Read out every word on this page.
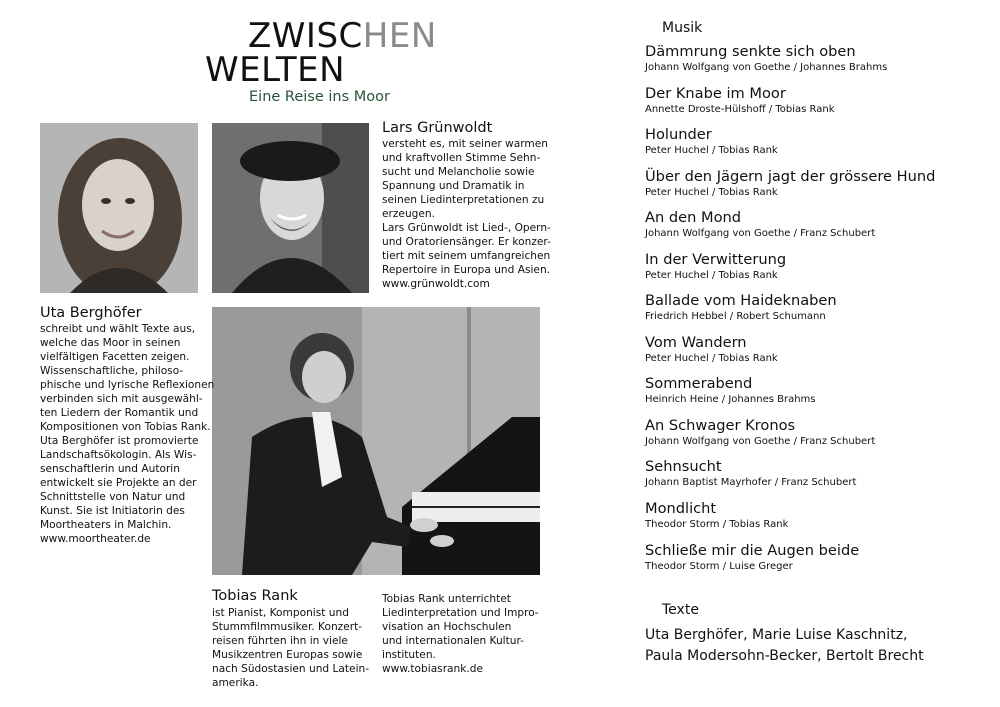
ZWISCHEN
WELTEN
Eine Reise ins Moor
Uta Berghöfer
schreibt und wählt Texte aus,
welche das Moor in seinen
vielfältigen Facetten zeigen.
Wissenschaftliche, philoso-
phische und lyrische Reflexionen
verbinden sich mit ausgewähl-
ten Liedern der Romantik und
Kompositionen von Tobias Rank.
Uta Berghöfer ist promovierte
Landschaftsökologin. Als Wis-
senschaftlerin und Autorin
entwickelt sie Projekte an der
Schnittstelle von Natur und
Kunst. Sie ist Initiatorin des
Moortheaters in Malchin.
www.moortheater.de
Lars Grünwoldt
versteht es, mit seiner warmen
und kraftvollen Stimme Sehn-
sucht und Melancholie sowie
Spannung und Dramatik in
seinen Liedinterpretationen zu
erzeugen.
Lars Grünwoldt ist Lied-, Opern-
und Oratoriensänger. Er konzer-
tiert mit seinem umfangreichen
Repertoire in Europa und Asien.
www.grünwoldt.com
Tobias Rank
ist Pianist, Komponist und
Stummfilmmusiker. Konzert-
reisen führten ihn in viele
Musikzentren Europas sowie
nach Südostasien und Latein-
amerika.
Tobias Rank unterrichtet
Liedinterpretation und Impro-
visation an Hochschulen
und internationalen Kultur-
instituten.
www.tobiasrank.de
Musik
Dämmrung senkte sich oben
Johann Wolfgang von Goethe / Johannes Brahms
Der Knabe im Moor
Annette Droste-Hülshoff / Tobias Rank
Holunder
Peter Huchel / Tobias Rank
Über den Jägern jagt der grössere Hund
Peter Huchel / Tobias Rank
An den Mond
Johann Wolfgang von Goethe / Franz Schubert
In der Verwitterung
Peter Huchel / Tobias Rank
Ballade vom Haideknaben
Friedrich Hebbel / Robert Schumann
Vom Wandern
Peter Huchel / Tobias Rank
Sommerabend
Heinrich Heine / Johannes Brahms
An Schwager Kronos
Johann Wolfgang von Goethe / Franz Schubert
Sehnsucht
Johann Baptist Mayrhofer / Franz Schubert
Mondlicht
Theodor Storm / Tobias Rank
Schließe mir die Augen beide
Theodor Storm / Luise Greger
Texte
Uta Berghöfer, Marie Luise Kaschnitz,
Paula Modersohn-Becker, Bertolt Brecht
